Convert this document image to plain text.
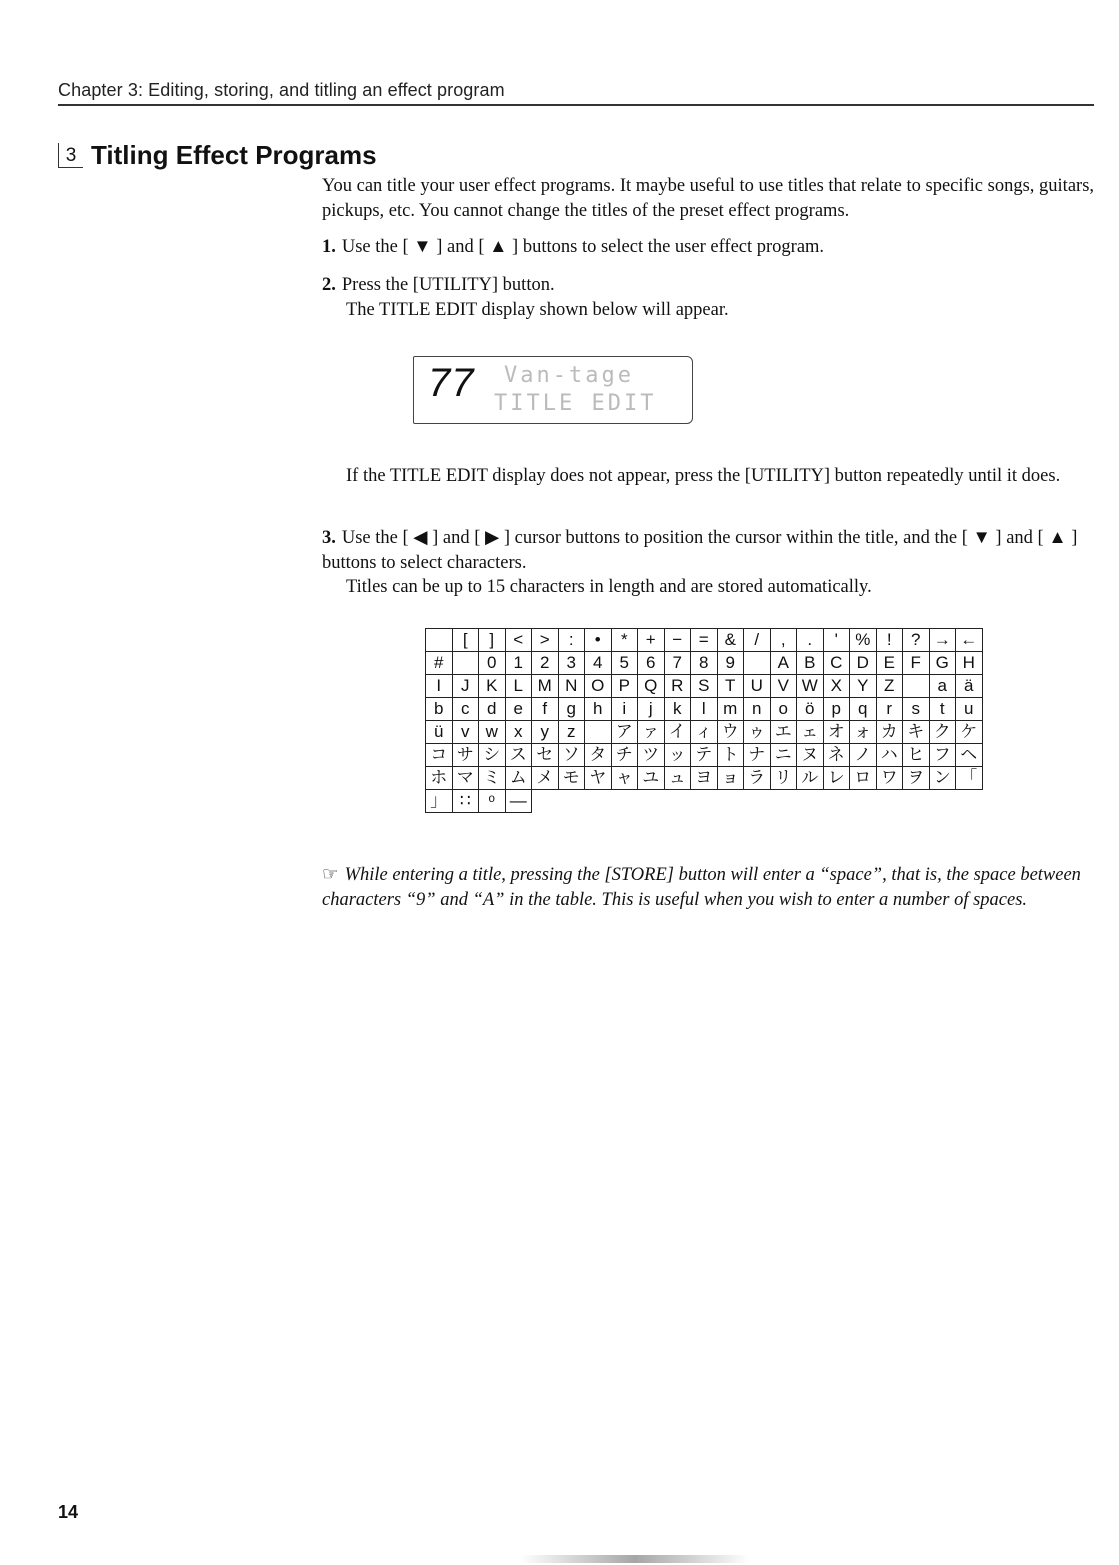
Chapter 3: Editing, storing, and titling an effect program
3 Titling Effect Programs
You can title your user effect programs. It maybe useful to use titles that relate to specific songs, guitars, pickups, etc. You cannot change the titles of the preset effect programs.
1. Use the [ ▼ ] and [ ▲ ] buttons to select the user effect program.
2. Press the [UTILITY] button.
The TITLE EDIT display shown below will appear.
77 Van-tage
TITLE EDIT
If the TITLE EDIT display does not appear, press the [UTILITY] button repeatedly until it does.
3. Use the [ ◀ ] and [ ▶ ] cursor buttons to position the cursor within the title, and the [ ▼ ] and [ ▲ ] buttons to select characters.
Titles can be up to 15 characters in length and are stored automatically.
	[	]	<	>	:	•	*	+	−	=	&	/	,	.	'	%	!	?	→	←
#		0	1	2	3	4	5	6	7	8	9		A	B	C	D	E	F	G	H
I	J	K	L	M	N	O	P	Q	R	S	T	U	V	W	X	Y	Z		a	ä
b	c	d	e	f	g	h	i	j	k	l	m	n	o	ö	p	q	r	s	t	u
ü	v	w	x	y	z		ア	ァ	イ	ィ	ウ	ゥ	エ	ェ	オ	ォ	カ	キ	ク	ケ
コ	サ	シ	ス	セ	ソ	タ	チ	ツ	ッ	テ	ト	ナ	ニ	ヌ	ネ	ノ	ハ	ヒ	フ	ヘ
ホ	マ	ミ	ム	メ	モ	ヤ	ャ	ユ	ュ	ヨ	ョ	ラ	リ	ル	レ	ロ	ワ	ヲ	ン	「
」	∷	ᵒ	—																	
☞ While entering a title, pressing the [STORE] button will enter a “space”, that is, the space between characters “9” and “A” in the table. This is useful when you wish to enter a number of spaces.
14
